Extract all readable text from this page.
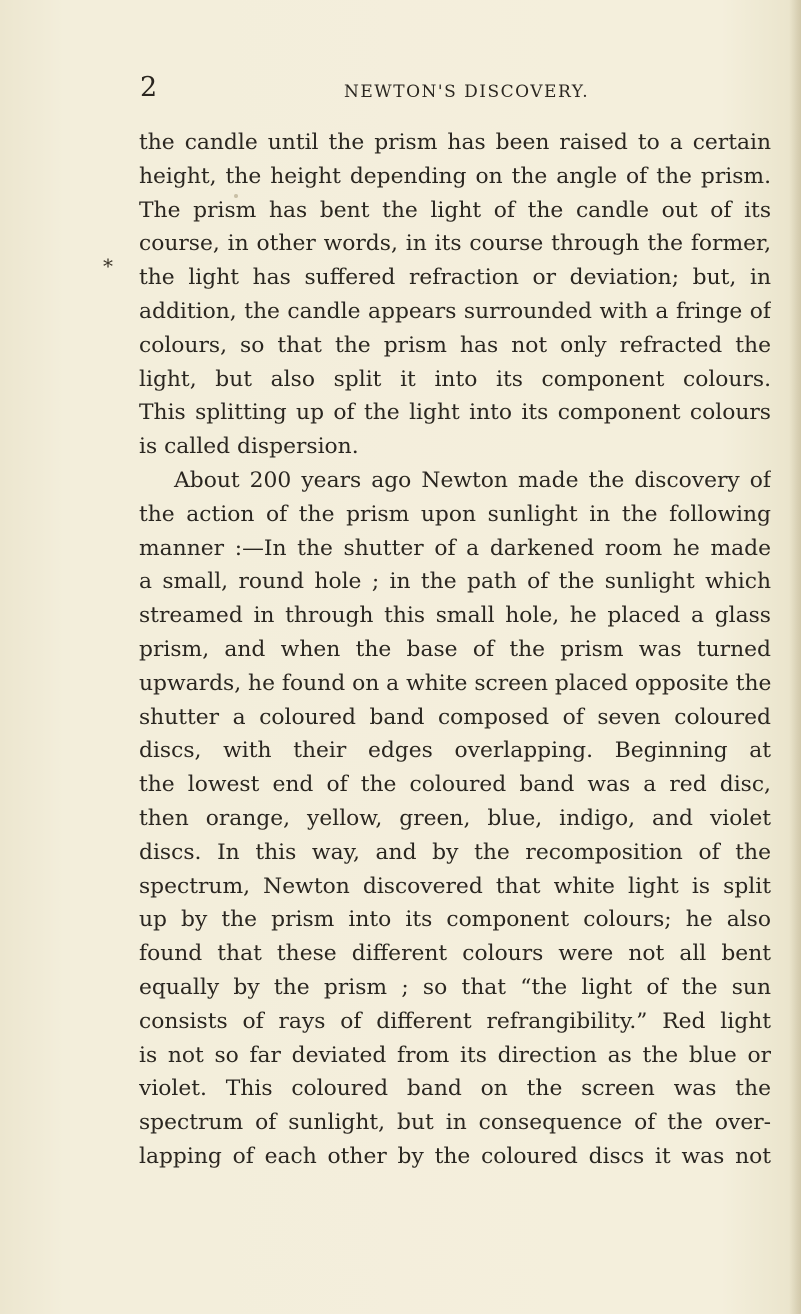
2	NEWTON'S DISCOVERY.
*
the candle until the prism has been raised to a certain
height, the height depending on the angle of the prism.
The prism has bent the light of the candle out of its
course, in other words, in its course through the former,
the light has suffered refraction or deviation; but, in
addition, the candle appears surrounded with a fringe of
colours, so that the prism has not only refracted the
light, but also split it into its component colours.
This splitting up of the light into its component colours
is called dispersion.
About 200 years ago Newton made the discovery of
the action of the prism upon sunlight in the following
manner :—In the shutter of a darkened room he made
a small, round hole ; in the path of the sunlight which
streamed in through this small hole, he placed a glass
prism, and when the base of the prism was turned
upwards, he found on a white screen placed opposite the
shutter a coloured band composed of seven coloured
discs, with their edges overlapping. Beginning at
the lowest end of the coloured band was a red disc,
then orange, yellow, green, blue, indigo, and violet
discs. In this way, and by the recomposition of the
spectrum, Newton discovered that white light is split
up by the prism into its component colours; he also
found that these different colours were not all bent
equally by the prism ; so that “the light of the sun
consists of rays of different refrangibility.” Red light
is not so far deviated from its direction as the blue or
violet. This coloured band on the screen was the
spectrum of sunlight, but in consequence of the over-
lapping of each other by the coloured discs it was not
